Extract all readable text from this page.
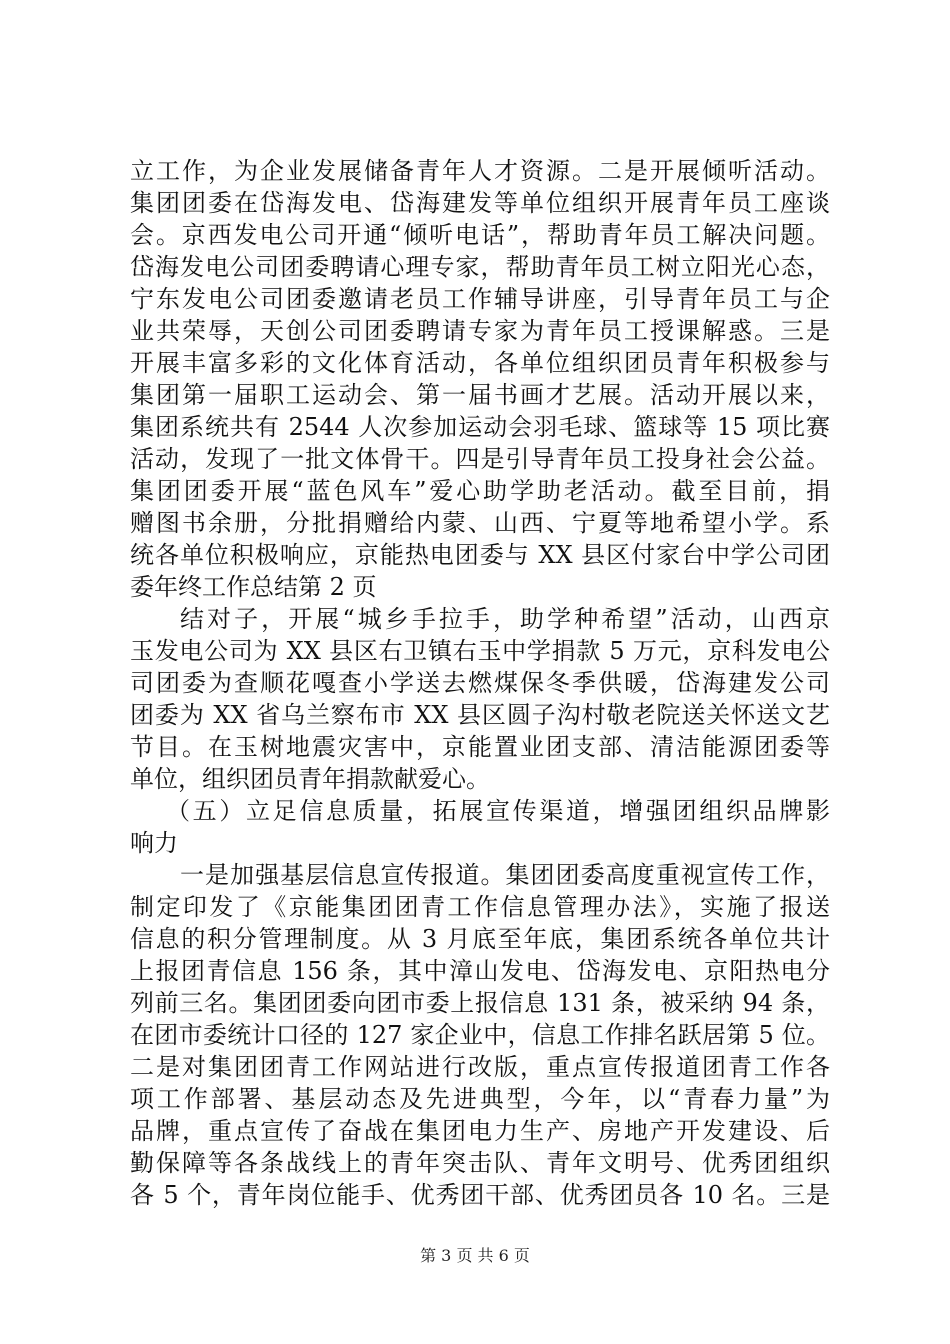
立工作，为企业发展储备青年人才资源。二是开展倾听活动。
集团团委在岱海发电、岱海建发等单位组织开展青年员工座谈
会。京西发电公司开通“倾听电话”，帮助青年员工解决问题。
岱海发电公司团委聘请心理专家，帮助青年员工树立阳光心态，
宁东发电公司团委邀请老员工作辅导讲座，引导青年员工与企
业共荣辱，天创公司团委聘请专家为青年员工授课解惑。三是
开展丰富多彩的文化体育活动，各单位组织团员青年积极参与
集团第一届职工运动会、第一届书画才艺展。活动开展以来，
集团系统共有 2544 人次参加运动会羽毛球、篮球等 15 项比赛
活动，发现了一批文体骨干。四是引导青年员工投身社会公益。
集团团委开展“蓝色风车”爱心助学助老活动。截至目前，捐
赠图书余册，分批捐赠给内蒙、山西、宁夏等地希望小学。系
统各单位积极响应，京能热电团委与 XX 县区付家台中学公司团
委年终工作总结第 2 页
结对子，开展“城乡手拉手，助学种希望”活动，山西京
玉发电公司为 XX 县区右卫镇右玉中学捐款 5 万元，京科发电公
司团委为查顺花嘎查小学送去燃煤保冬季供暖，岱海建发公司
团委为 XX 省乌兰察布市 XX 县区圆子沟村敬老院送关怀送文艺
节目。在玉树地震灾害中，京能置业团支部、清洁能源团委等
单位，组织团员青年捐款献爱心。
（五）立足信息质量，拓展宣传渠道，增强团组织品牌影
响力
一是加强基层信息宣传报道。集团团委高度重视宣传工作，
制定印发了《京能集团团青工作信息管理办法》，实施了报送
信息的积分管理制度。从 3 月底至年底，集团系统各单位共计
上报团青信息 156 条，其中漳山发电、岱海发电、京阳热电分
列前三名。集团团委向团市委上报信息 131 条，被采纳 94 条，
在团市委统计口径的 127 家企业中，信息工作排名跃居第 5 位。
二是对集团团青工作网站进行改版，重点宣传报道团青工作各
项工作部署、基层动态及先进典型，今年，以“青春力量”为
品牌，重点宣传了奋战在集团电力生产、房地产开发建设、后
勤保障等各条战线上的青年突击队、青年文明号、优秀团组织
各 5 个，青年岗位能手、优秀团干部、优秀团员各 10 名。三是
第 3 页 共 6 页
